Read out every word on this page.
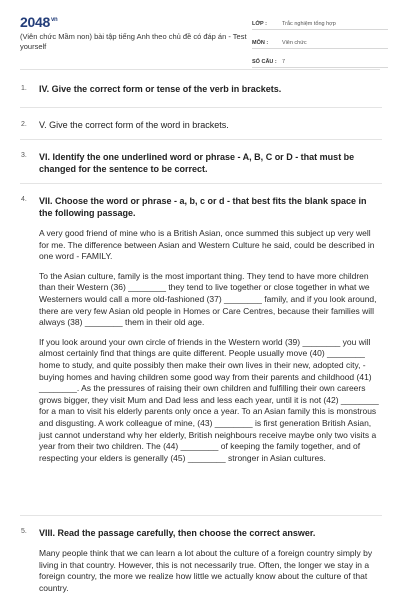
$2048^{vn}$
(Viên chức Mầm non) bài tập tiếng Anh theo chủ đề có đáp án - Test yourself
LỚP :	Trắc nghiệm tổng hợp
MÔN :	Viên chức
SỐ CÂU : 7
1. IV. Give the correct form or tense of the verb in brackets.
2. V. Give the correct form of the word in brackets.
3. VI. Identify the one underlined word or phrase - A, B, C or D - that must be changed for the sentence to be correct.
4. VII. Choose the word or phrase - a, b, c or d - that best fits the blank space in the following passage.

A very good friend of mine who is a British Asian, once summed this subject up very well for me. The difference between Asian and Western Culture he said, could be described in one word - FAMILY.

To the Asian culture, family is the most important thing. They tend to have more children than their Western (36) ________ they tend to live together or close together in what we Westerners would call a more old-fashioned (37) ________ family, and if you look around, there are very few Asian old people in Homes or Care Centres, because their families will always (38) ________ them in their old age.

If you look around your own circle of friends in the Western world (39) ________ you will almost certainly find that things are quite different. People usually move (40) ________ home to study, and quite possibly then make their own lives in their new, adopted city, - buying homes and having children some good way from their parents and childhood (41) ________. As the pressures of raising their own children and fulfilling their own careers grows bigger, they visit Mum and Dad less and less each year, until it is not (42) ________ for a man to visit his elderly parents only once a year. To an Asian family this is monstrous and disgusting. A work colleague of mine, (43) ________ is first generation British Asian, just cannot understand why her elderly, British neighbours receive maybe only two visits a year from their two children. The (44) ________ of keeping the family together, and of respecting your elders is generally (45) ________ stronger in Asian cultures.

5. VIII. Read the passage carefully, then choose the correct answer.

Many people think that we can learn a lot about the culture of a foreign country simply by living in that country. However, this is not necessarily true. Often, the longer we stay in a foreign country, the more we realize how little we actually know about the culture of that country.
